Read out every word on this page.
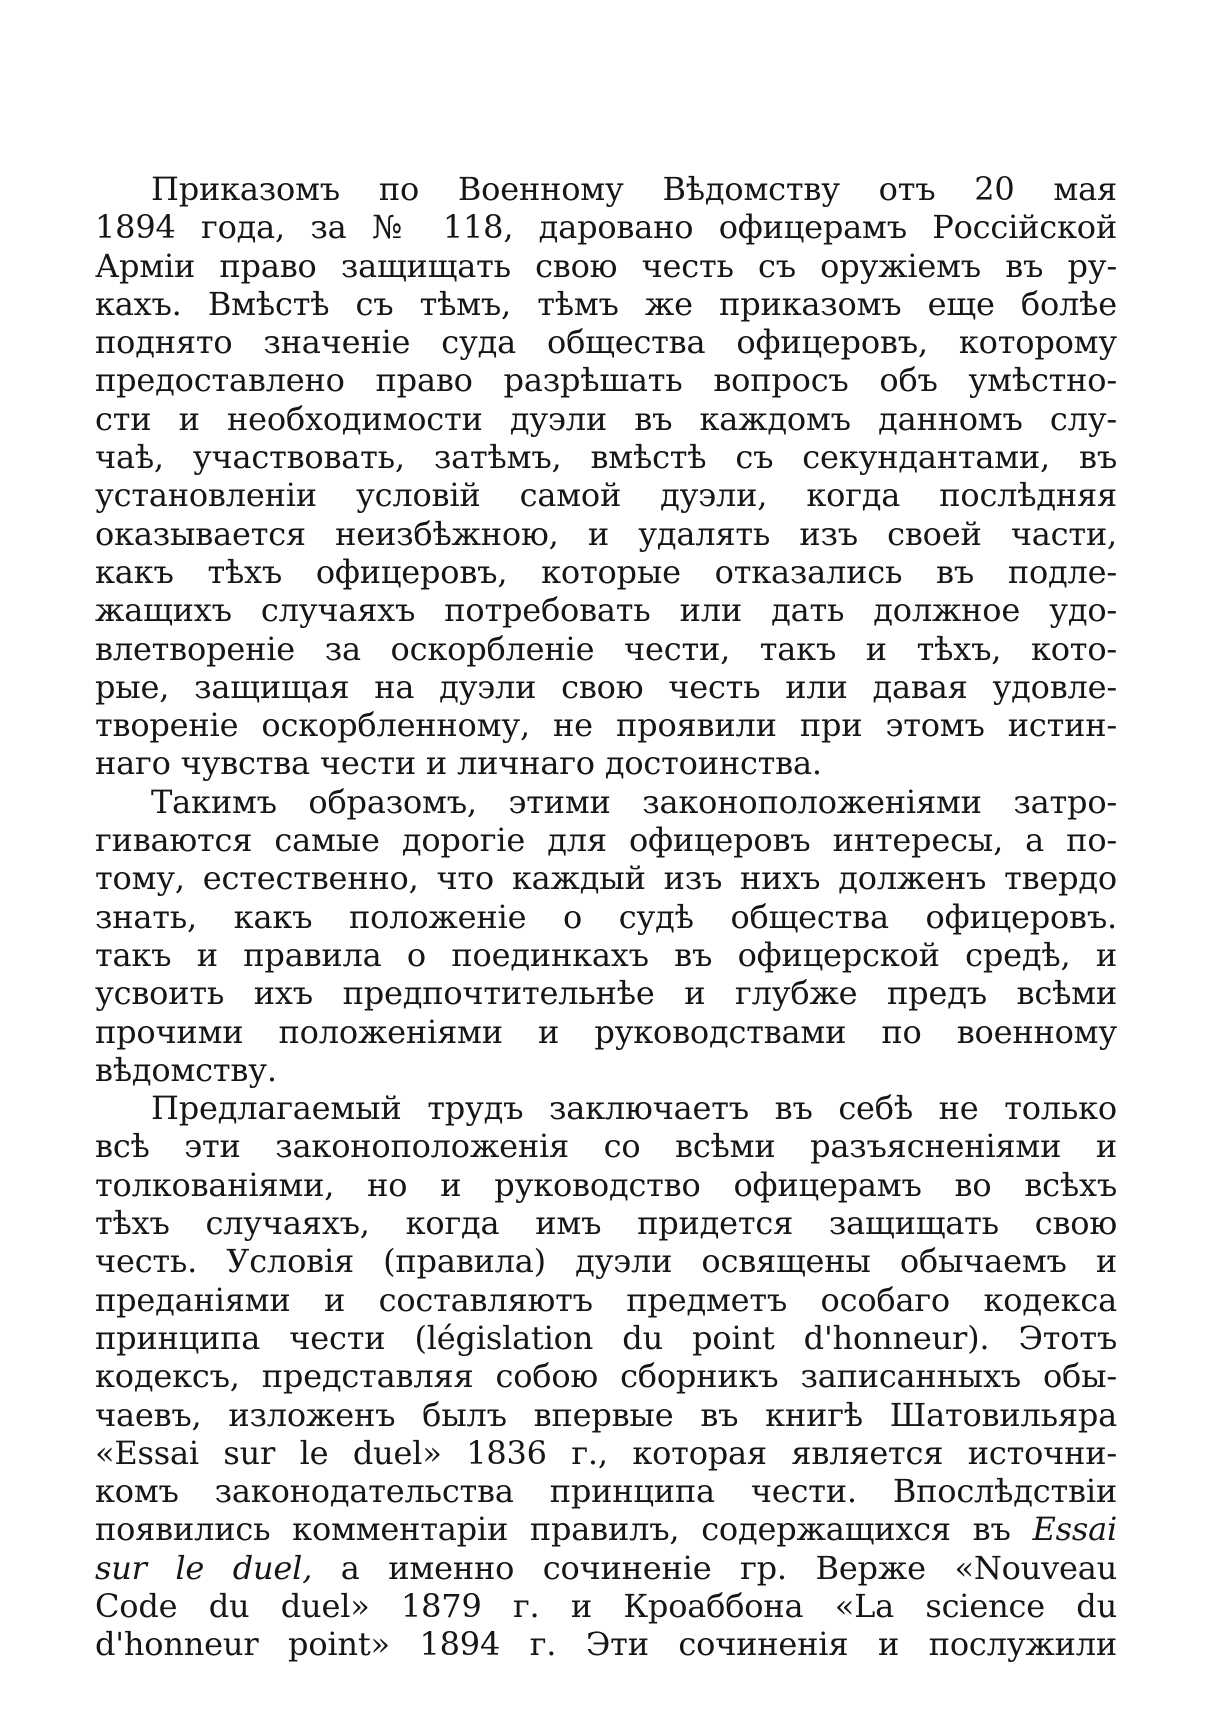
Приказомъ по Военному Вѣдомству отъ 20 мая
1894 года, за № 118, даровано офицерамъ Россійской
Арміи право защищать свою честь съ оружіемъ въ ру-
кахъ. Вмѣстѣ съ тѣмъ, тѣмъ же приказомъ еще болѣе
поднято значеніе суда общества офицеровъ, которому
предоставлено право разрѣшать вопросъ объ умѣстно-
сти и необходимости дуэли въ каждомъ данномъ слу-
чаѣ, участвовать, затѣмъ, вмѣстѣ съ секундантами, въ
установленіи условій самой дуэли, когда послѣдняя
оказывается неизбѣжною, и удалять изъ своей части,
какъ тѣхъ офицеровъ, которые отказались въ подле-
жащихъ случаяхъ потребовать или дать должное удо-
влетвореніе за оскорбленіе чести, такъ и тѣхъ, кото-
рые, защищая на дуэли свою честь или давая удовле-
твореніе оскорбленному, не проявили при этомъ истин-
наго чувства чести и личнаго достоинства.
Такимъ образомъ, этими законоположеніями затро-
гиваются самые дорогіе для офицеровъ интересы, а по-
тому, естественно, что каждый изъ нихъ долженъ твердо
знать, какъ положеніе о судѣ общества офицеровъ.
такъ и правила о поединкахъ въ офицерской средѣ, и
усвоить ихъ предпочтительнѣе и глубже предъ всѣми
прочими положеніями и руководствами по военному
вѣдомству.
Предлагаемый трудъ заключаетъ въ себѣ не только
всѣ эти законоположенія со всѣми разъясненіями и
толкованіями, но и руководство офицерамъ во всѣхъ
тѣхъ случаяхъ, когда имъ придется защищать свою
честь. Условія (правила) дуэли освящены обычаемъ и
преданіями и составляютъ предметъ особаго кодекса
принципа чести (législation du point d'honneur). Этотъ
кодексъ, представляя собою сборникъ записанныхъ обы-
чаевъ, изложенъ былъ впервые въ книгѣ Шатовильяра
«Essai sur le duel» 1836 г., которая является источни-
комъ законодательства принципа чести. Впослѣдствіи
появились комментаріи правилъ, содержащихся въ Essai
sur le duel, а именно сочиненіе гр. Верже «Nouveau
Code du duel» 1879 г. и Кроаббона «La science du
d'honneur point» 1894 г. Эти сочиненія и послужили
